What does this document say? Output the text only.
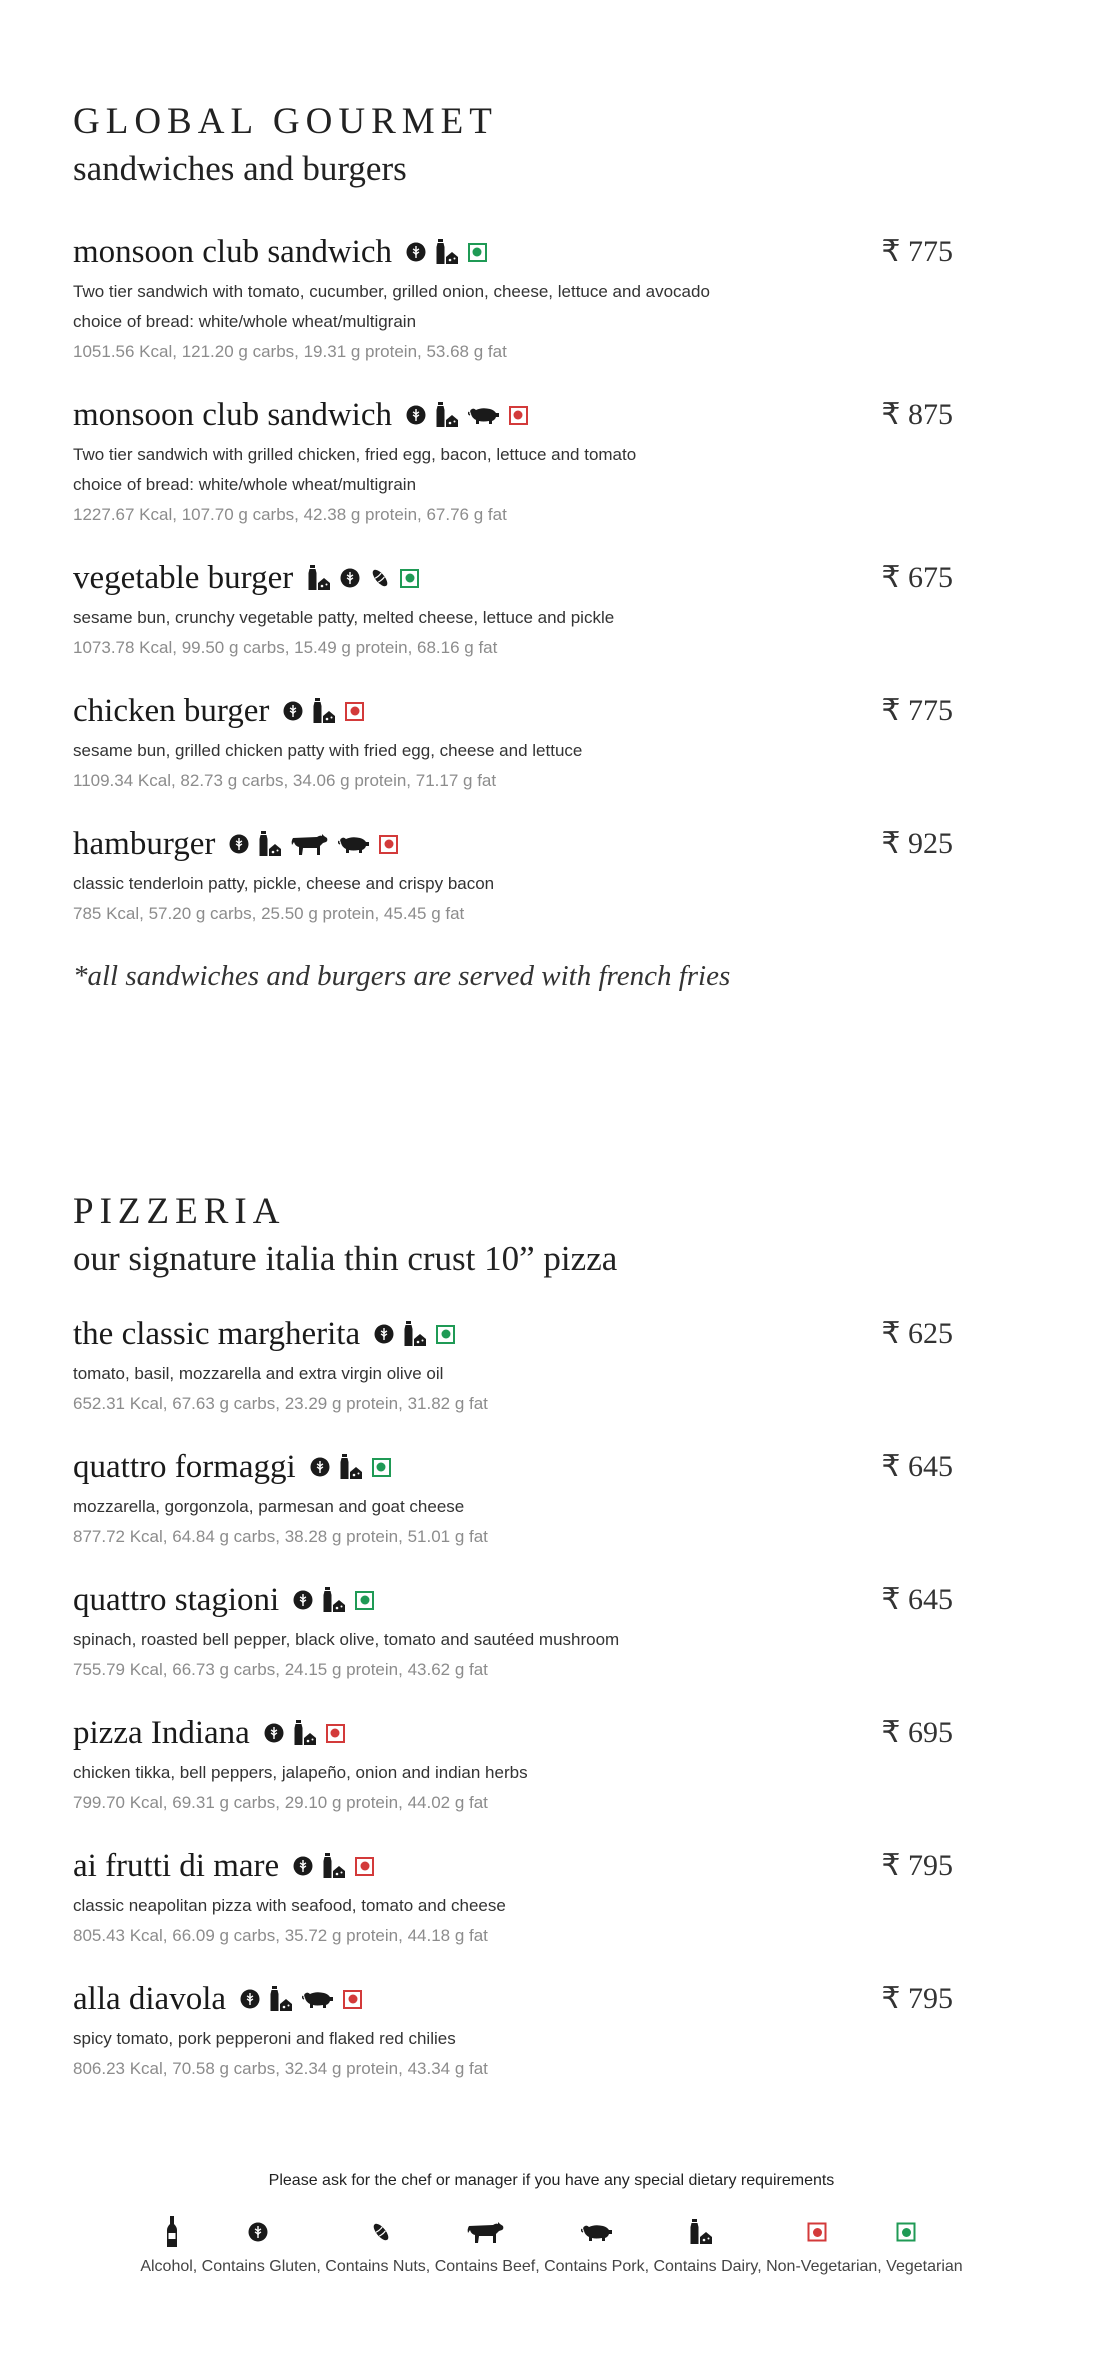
GLOBAL GOURMET
sandwiches and burgers
monsoon club sandwich	₹ 775
Two tier sandwich with tomato, cucumber, grilled onion, cheese, lettuce and avocado
choice of bread: white/whole wheat/multigrain
1051.56 Kcal, 121.20 g carbs, 19.31 g protein, 53.68 g fat
monsoon club sandwich	₹ 875
Two tier sandwich with grilled chicken, fried egg, bacon, lettuce and tomato
choice of bread: white/whole wheat/multigrain
1227.67 Kcal, 107.70 g carbs, 42.38 g protein, 67.76 g fat
vegetable burger	₹ 675
sesame bun, crunchy vegetable patty, melted cheese, lettuce and pickle
1073.78 Kcal, 99.50 g carbs, 15.49 g protein, 68.16 g fat
chicken burger	₹ 775
sesame bun, grilled chicken patty with fried egg, cheese and lettuce
1109.34 Kcal, 82.73 g carbs, 34.06 g protein, 71.17 g fat
hamburger	₹ 925
classic tenderloin patty, pickle, cheese and crispy bacon
785 Kcal, 57.20 g carbs, 25.50 g protein, 45.45 g fat
*all sandwiches and burgers are served with french fries
PIZZERIA
our signature italia thin crust 10” pizza
the classic margherita	₹ 625
tomato, basil, mozzarella and extra virgin olive oil
652.31 Kcal, 67.63 g carbs, 23.29 g protein, 31.82 g fat
quattro formaggi	₹ 645
mozzarella, gorgonzola, parmesan and goat cheese
877.72 Kcal, 64.84 g carbs, 38.28 g protein, 51.01 g fat
quattro stagioni	₹ 645
spinach, roasted bell pepper, black olive, tomato and sautéed mushroom
755.79 Kcal, 66.73 g carbs, 24.15 g protein, 43.62 g fat
pizza Indiana	₹ 695
chicken tikka, bell peppers, jalapeño, onion and indian herbs
799.70 Kcal, 69.31 g carbs, 29.10 g protein, 44.02 g fat
ai frutti di mare	₹ 795
classic neapolitan pizza with seafood, tomato and cheese
805.43 Kcal, 66.09 g carbs, 35.72 g protein, 44.18 g fat
alla diavola	₹ 795
spicy tomato, pork pepperoni and flaked red chilies
806.23 Kcal, 70.58 g carbs, 32.34 g protein, 43.34 g fat
Please ask for the chef or manager if you have any special dietary requirements
Alcohol, Contains Gluten, Contains Nuts, Contains Beef, Contains Pork, Contains Dairy, Non-Vegetarian, Vegetarian
